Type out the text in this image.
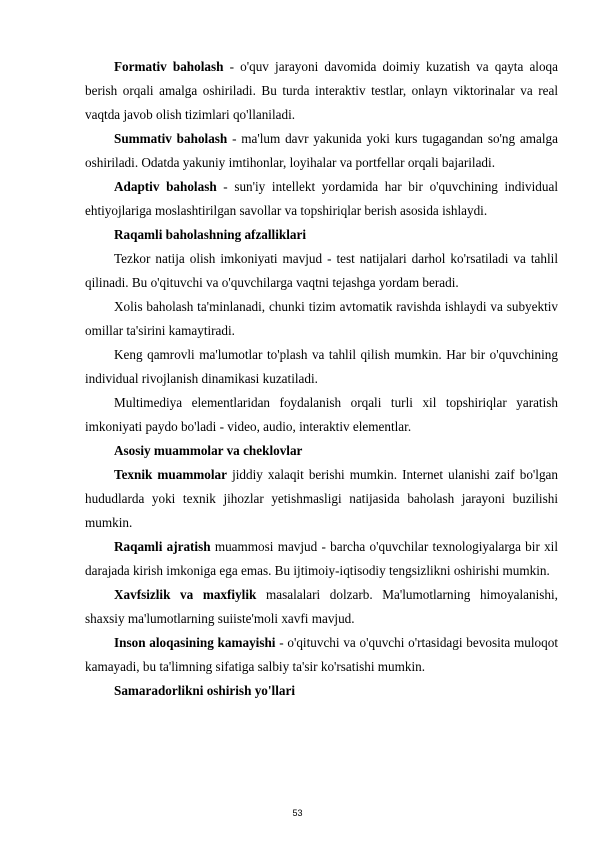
Formativ baholash - o'quv jarayoni davomida doimiy kuzatish va qayta aloqa berish orqali amalga oshiriladi. Bu turda interaktiv testlar, onlayn viktorinalar va real vaqtda javob olish tizimlari qo'llaniladi.

Summativ baholash - ma'lum davr yakunida yoki kurs tugagandan so'ng amalga oshiriladi. Odatda yakuniy imtihonlar, loyihalar va portfellar orqali bajariladi.

Adaptiv baholash - sun'iy intellekt yordamida har bir o'quvchining individual ehtiyojlariga moslashtirilgan savollar va topshiriqlar berish asosida ishlaydi.

Raqamli baholashning afzalliklari

Tezkor natija olish imkoniyati mavjud - test natijalari darhol ko'rsatiladi va tahlil qilinadi. Bu o'qituvchi va o'quvchilarga vaqtni tejashga yordam beradi.

Xolis baholash ta'minlanadi, chunki tizim avtomatik ravishda ishlaydi va subyektiv omillar ta'sirini kamaytiradi.

Keng qamrovli ma'lumotlar to'plash va tahlil qilish mumkin. Har bir o'quvchining individual rivojlanish dinamikasi kuzatiladi.

Multimediya elementlaridan foydalanish orqali turli xil topshiriqlar yaratish imkoniyati paydo bo'ladi - video, audio, interaktiv elementlar.

Asosiy muammolar va cheklovlar

Texnik muammolar jiddiy xalaqit berishi mumkin. Internet ulanishi zaif bo'lgan hududlarda yoki texnik jihozlar yetishmasligi natijasida baholash jarayoni buzilishi mumkin.

Raqamli ajratish muammosi mavjud - barcha o'quvchilar texnologiyalarga bir xil darajada kirish imkoniga ega emas. Bu ijtimoiy-iqtisodiy tengsizlikni oshirishi mumkin.

Xavfsizlik va maxfiylik masalalari dolzarb. Ma'lumotlarning himoyalanishi, shaxsiy ma'lumotlarning suiiste'moli xavfi mavjud.

Inson aloqasining kamayishi - o'qituvchi va o'quvchi o'rtasidagi bevosita muloqot kamayadi, bu ta'limning sifatiga salbiy ta'sir ko'rsatishi mumkin.

Samaradorlikni oshirish yo'llari

53
